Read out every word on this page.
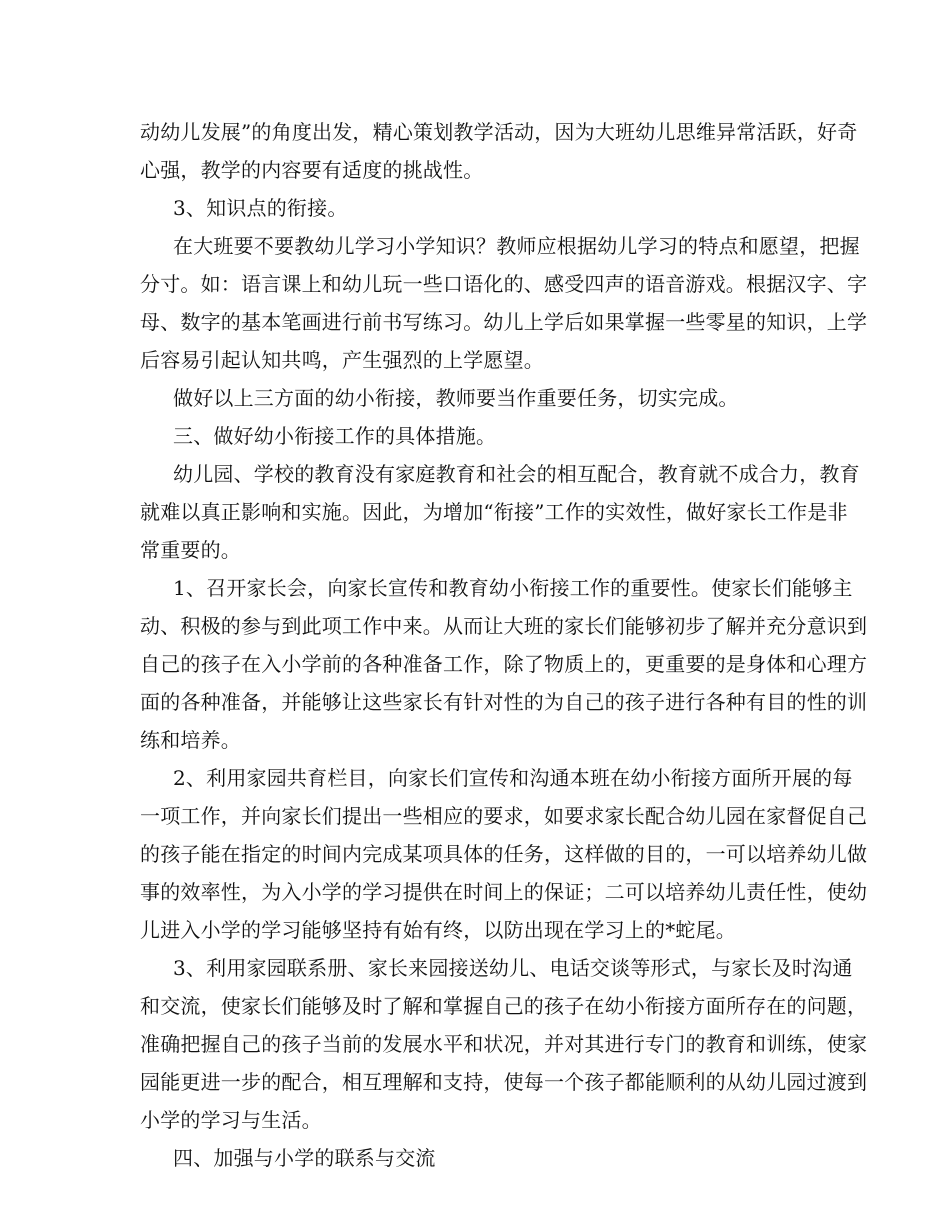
动幼儿发展”的角度出发，精心策划教学活动，因为大班幼儿思维异常活跃，好奇
心强，教学的内容要有适度的挑战性。
3、知识点的衔接。
在大班要不要教幼儿学习小学知识？教师应根据幼儿学习的特点和愿望，把握
分寸。如：语言课上和幼儿玩一些口语化的、感受四声的语音游戏。根据汉字、字
母、数字的基本笔画进行前书写练习。幼儿上学后如果掌握一些零星的知识，上学
后容易引起认知共鸣，产生强烈的上学愿望。
做好以上三方面的幼小衔接，教师要当作重要任务，切实完成。
三、做好幼小衔接工作的具体措施。
幼儿园、学校的教育没有家庭教育和社会的相互配合，教育就不成合力，教育
就难以真正影响和实施。因此，为增加“衔接”工作的实效性，做好家长工作是非
常重要的。
1、召开家长会，向家长宣传和教育幼小衔接工作的重要性。使家长们能够主
动、积极的参与到此项工作中来。从而让大班的家长们能够初步了解并充分意识到
自己的孩子在入小学前的各种准备工作，除了物质上的，更重要的是身体和心理方
面的各种准备，并能够让这些家长有针对性的为自己的孩子进行各种有目的性的训
练和培养。
2、利用家园共育栏目，向家长们宣传和沟通本班在幼小衔接方面所开展的每
一项工作，并向家长们提出一些相应的要求，如要求家长配合幼儿园在家督促自己
的孩子能在指定的时间内完成某项具体的任务，这样做的目的，一可以培养幼儿做
事的效率性，为入小学的学习提供在时间上的保证；二可以培养幼儿责任性，使幼
儿进入小学的学习能够坚持有始有终，以防出现在学习上的*蛇尾。
3、利用家园联系册、家长来园接送幼儿、电话交谈等形式，与家长及时沟通
和交流，使家长们能够及时了解和掌握自己的孩子在幼小衔接方面所存在的问题，
准确把握自己的孩子当前的发展水平和状况，并对其进行专门的教育和训练，使家
园能更进一步的配合，相互理解和支持，使每一个孩子都能顺利的从幼儿园过渡到
小学的学习与生活。
四、加强与小学的联系与交流
